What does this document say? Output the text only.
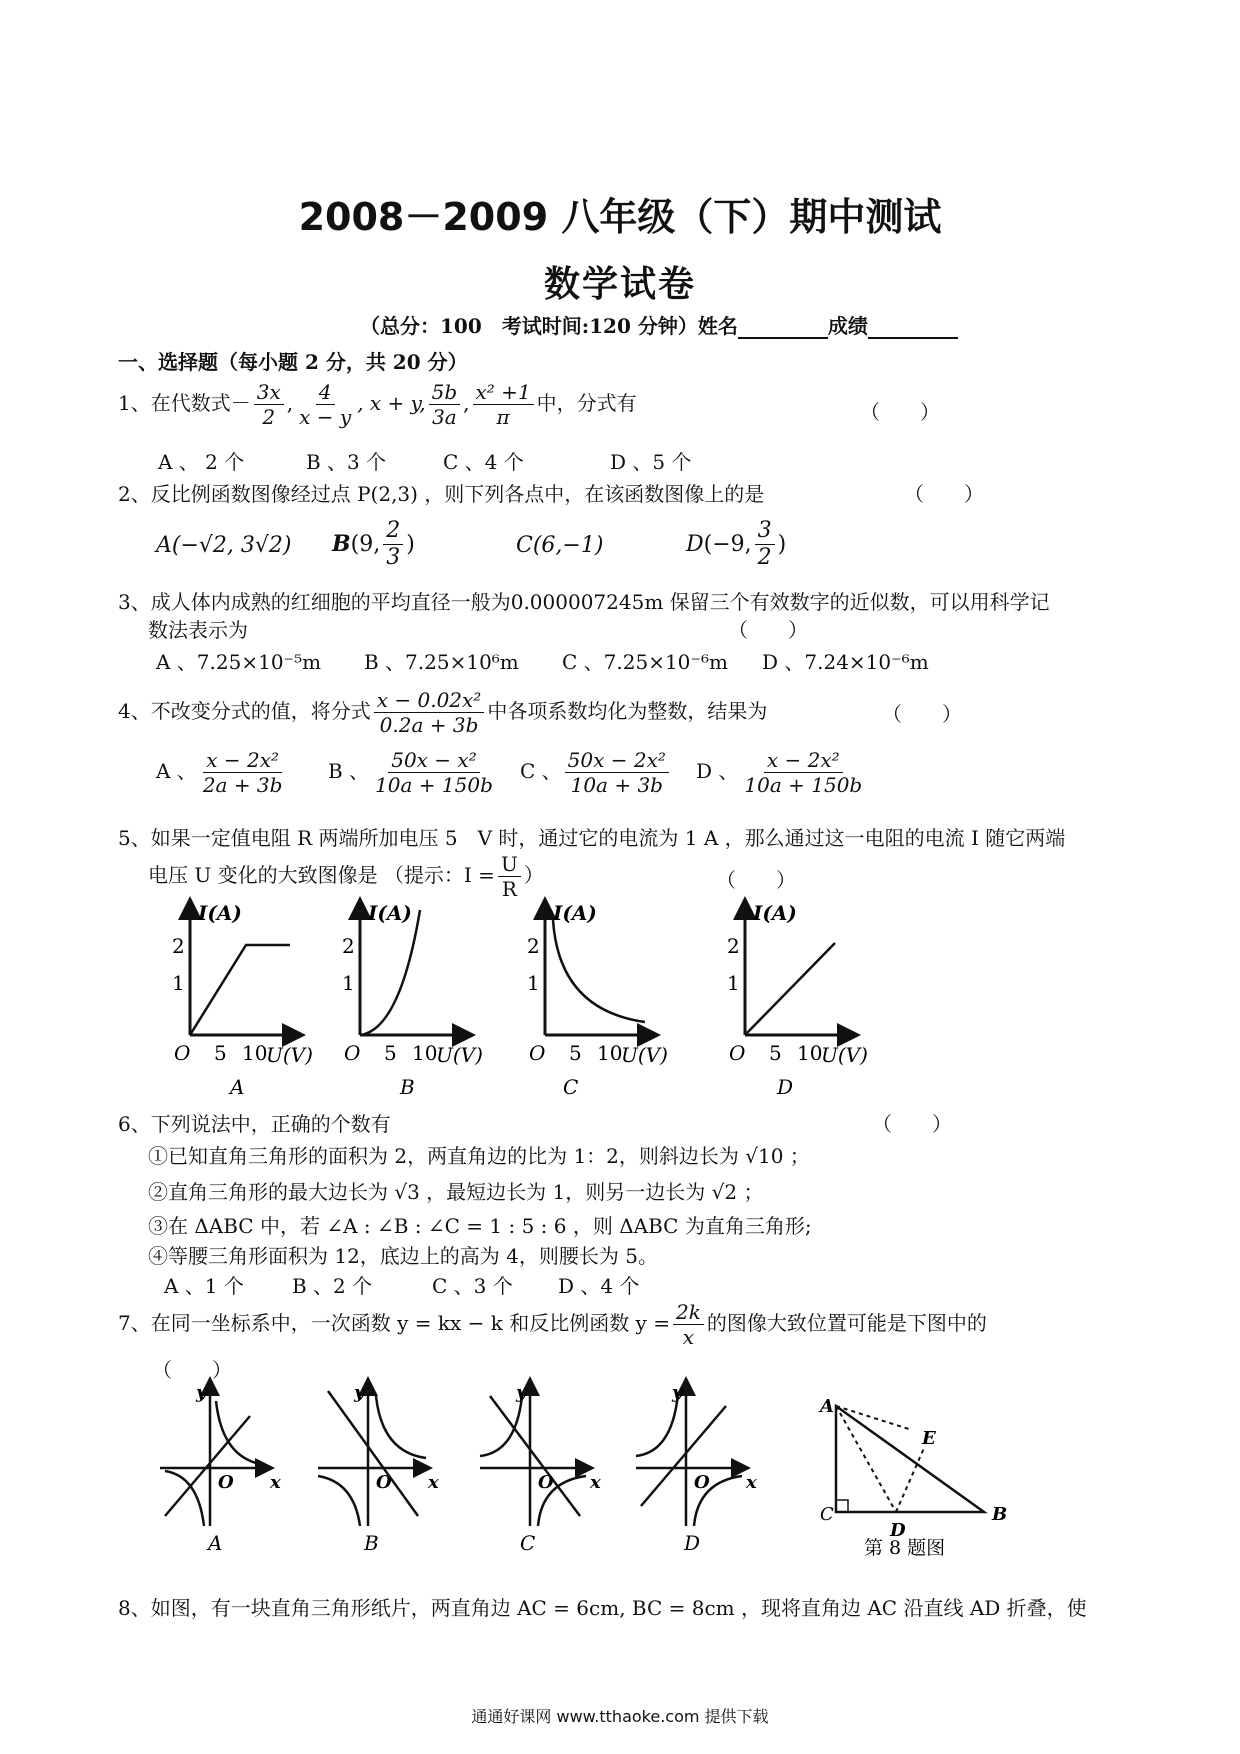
2008－2009 八年级（下）期中测试
数学试卷
（总分：100　考试时间:120 分钟）姓名	成绩
一、选择题（每小题 2 分，共 20 分）
1、在代数式－ $\frac{3x}{2}$ , $\frac{4}{x - y}$ , x + y, $\frac{5b}{3a}$ , $\frac{\text{x² +1}}{\pi}$ 中，分式有	（　　）
A 、 2 个	B 、3 个	C 、4 个	D 、5 个
2、反比例函数图像经过点 P(2,3) ，则下列各点中，在该函数图像上的是	（　　）
A(−√2, 3√2) B(9, $\frac{2}{3}$ )	C(6,−1)	D(−9, $\frac{3}{2}$ )
3、成人体内成熟的红细胞的平均直径一般为0.000007245m 保留三个有效数字的近似数，可以用科学记
数法表示为	（　　）
A 、7.25×10⁻⁵m B 、7.25×10⁶m C 、7.25×10⁻⁶m D 、7.24×10⁻⁶m
4、不改变分式的值，将分式 $\frac{\text{x − 0.02x²}}{0.2a + 3b}$ 中各项系数均化为整数，结果为	（　　）
A 、 $\frac{\text{x − 2x²}}{2a + 3b}$ B 、 $\frac{\text{50x − x²}}{10a + 150b}$ C 、 $\frac{\text{50x − 2x²}}{10a + 3b}$ D 、 $\frac{\text{x − 2x²}}{10a + 150b}$
5、如果一定值电阻 R 两端所加电压 5　V 时，通过它的电流为 1 A ，那么通过这一电阻的电流 I 随它两端
电压 U 变化的大致图像是 （提示：$I = \frac{U}{R}$ ）	（　　）
I(A)
2
1
O 5 10
U(V)
A
I(A)
2
1
O 5 10
U(V)
B
I(A)
2
1
O 5 10
U(V)
C
I(A)
2
1
O 5 10
U(V)
D
6、下列说法中，正确的个数有	（　　）
①已知直角三角形的面积为 2，两直角边的比为 1：2，则斜边长为 √10 ；
②直角三角形的最大边长为 √3 ，最短边长为 1，则另一边长为 √2 ；
③在 ΔABC 中，若 ∠A : ∠B : ∠C = 1 : 5 : 6 ，则 ΔABC 为直角三角形;
④等腰三角形面积为 12，底边上的高为 4，则腰长为 5。
A 、1 个 B 、2 个	C 、3 个 D 、4 个
7、在同一坐标系中，一次函数 y = kx − k 和反比例函数 $y = \frac{2k}{x}$ 的图像大致位置可能是下图中的
（　　）
y
O x
A
y
O x
B
y
O x
C
y
O x
D
A
B
C
D
E
第 8 题图
8、如图，有一块直角三角形纸片，两直角边 AC = 6cm, BC = 8cm ，现将直角边 AC 沿直线 AD 折叠，使
通通好课网 www.tthaoke.com 提供下载
